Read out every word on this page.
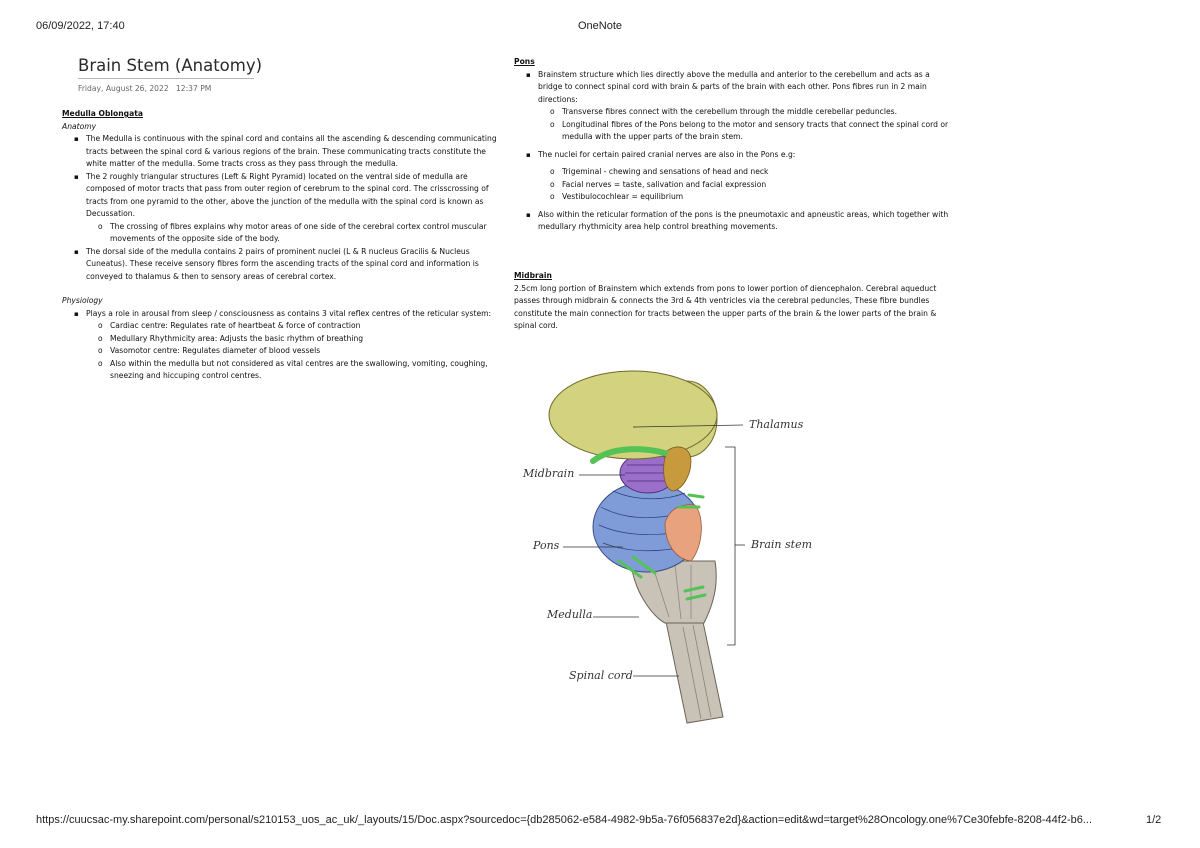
06/09/2022, 17:40	OneNote
Brain Stem (Anatomy)
Friday, August 26, 2022 12:37 PM
Medulla Oblongata
Anatomy
▪ The Medulla is continuous with the spinal cord and contains all the ascending & descending communicating tracts between the spinal cord & various regions of the brain. These communicating tracts constitute the white matter of the medulla. Some tracts cross as they pass through the medulla.
▪ The 2 roughly triangular structures (Left & Right Pyramid) located on the ventral side of medulla are composed of motor tracts that pass from outer region of cerebrum to the spinal cord. The crisscrossing of tracts from one pyramid to the other, above the junction of the medulla with the spinal cord is known as Decussation.
o The crossing of fibres explains why motor areas of one side of the cerebral cortex control muscular movements of the opposite side of the body.
▪ The dorsal side of the medulla contains 2 pairs of prominent nuclei (L & R nucleus Gracilis & Nucleus Cuneatus). These receive sensory fibres form the ascending tracts of the spinal cord and information is conveyed to thalamus & then to sensory areas of cerebral cortex.
Physiology
▪ Plays a role in arousal from sleep / consciousness as contains 3 vital reflex centres of the reticular system:
o Cardiac centre: Regulates rate of heartbeat & force of contraction
o Medullary Rhythmicity area: Adjusts the basic rhythm of breathing
o Vasomotor centre: Regulates diameter of blood vessels
o Also within the medulla but not considered as vital centres are the swallowing, vomiting, coughing, sneezing and hiccuping control centres.
Pons
▪ Brainstem structure which lies directly above the medulla and anterior to the cerebellum and acts as a bridge to connect spinal cord with brain & parts of the brain with each other. Pons fibres run in 2 main directions:
o Transverse fibres connect with the cerebellum through the middle cerebellar peduncles.
o Longitudinal fibres of the Pons belong to the motor and sensory tracts that connect the spinal cord or medulla with the upper parts of the brain stem.
▪ The nuclei for certain paired cranial nerves are also in the Pons e.g:
o Trigeminal - chewing and sensations of head and neck
o Facial nerves = taste, salivation and facial expression
o Vestibulocochlear = equilibrium
▪ Also within the reticular formation of the pons is the pneumotaxic and apneustic areas, which together with medullary rhythmicity area help control breathing movements.
Midbrain
2.5cm long portion of Brainstem which extends from pons to lower portion of diencephalon. Cerebral aqueduct passes through midbrain & connects the 3rd & 4th ventricles via the cerebral peduncles, These fibre bundles constitute the main connection for tracts between the upper parts of the brain & the lower parts of the brain & spinal cord.
Thalamus
Midbrain
Pons	Brain stem
Medulla
Spinal cord
https://cuucsac-my.sharepoint.com/personal/s210153_uos_ac_uk/_layouts/15/Doc.aspx?sourcedoc={db285062-e584-4982-9b5a-76f056837e2d}&action=edit&wd=target%28Oncology.one%7Ce30febfe-8208-44f2-b6...	1/2
